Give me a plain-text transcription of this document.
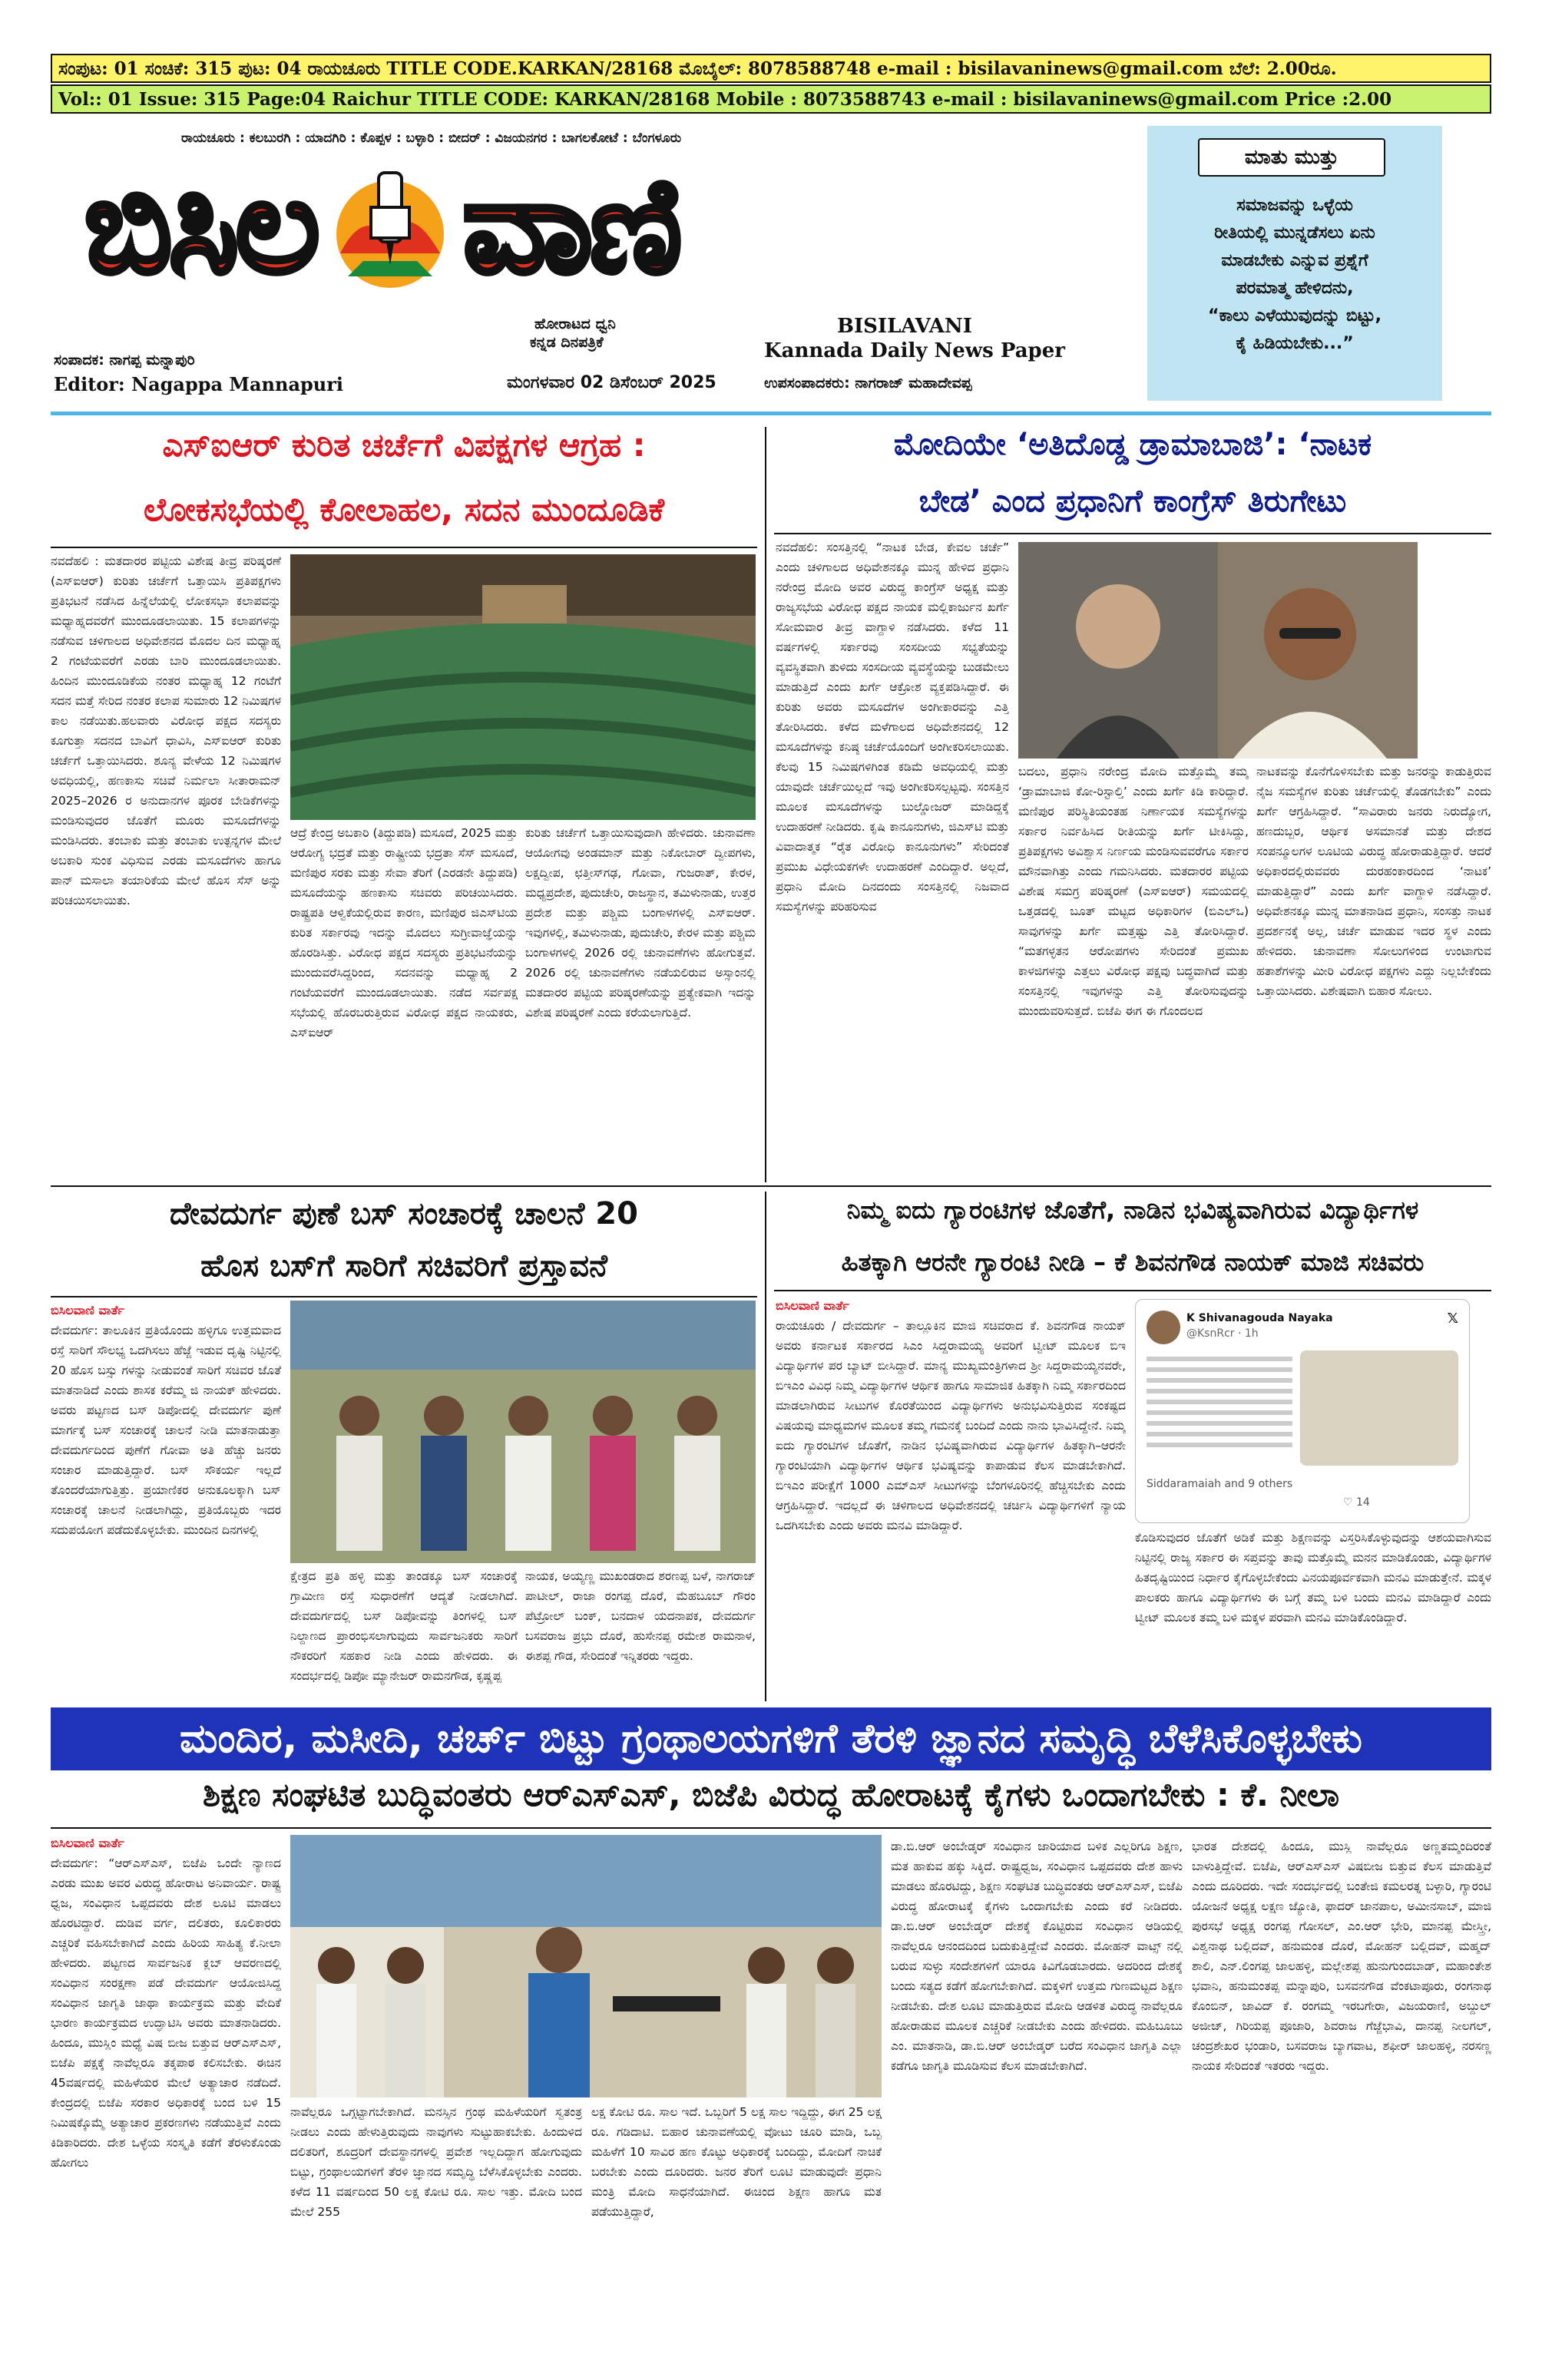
ಸಂಪುಟ: 01 ಸಂಚಿಕೆ: 315 ಪುಟ: 04 ರಾಯಚೂರು TITLE CODE.KARKAN/28168 ಮೊಬೈಲ್: 8078588748 e-mail : bisilavaninews@gmail.com ಬೆಲೆ: 2.00ರೂ.
Vol:: 01 Issue: 315 Page:04 Raichur TITLE CODE: KARKAN/28168 Mobile : 8073588743 e-mail : bisilavaninews@gmail.com Price :2.00
ರಾಯಚೂರು : ಕಲಬುರಗಿ : ಯಾದಗಿರಿ : ಕೊಪ್ಪಳ : ಬಳ್ಳಾರಿ : ಬೀದರ್ : ವಿಜಯನಗರ : ಬಾಗಲಕೋಟೆ : ಬೆಂಗಳೂರು
ಬಿಸಿಲ ವಾಣಿ
ಹೋರಾಟದ ಧ್ವನಿ
ಕನ್ನಡ ದಿನಪತ್ರಿಕೆ
BISILAVANI
Kannada Daily News Paper
ಸಂಪಾದಕ: ನಾಗಪ್ಪ ಮನ್ನಾಪುರಿ
Editor: Nagappa Mannapuri	ಮಂಗಳವಾರ 02 ಡಿಸೆಂಬರ್ 2025	ಉಪಸಂಪಾದಕರು: ನಾಗರಾಜ್ ಮಹಾದೇವಪ್ಪ
ಮಾತು ಮುತ್ತು
ಸಮಾಜವನ್ನು ಒಳ್ಳೆಯ
ರೀತಿಯಲ್ಲಿ ಮುನ್ನಡೆಸಲು ಏನು
ಮಾಡಬೇಕು ಎನ್ನುವ ಪ್ರಶ್ನೆಗೆ
ಪರಮಾತ್ಮ ಹೇಳಿದನು,
“ಕಾಲು ಎಳೆಯುವುದನ್ನು ಬಿಟ್ಟು,
ಕೈ ಹಿಡಿಯಬೇಕು...”
ಎಸ್‌ಐಆರ್ ಕುರಿತ ಚರ್ಚೆಗೆ ವಿಪಕ್ಷಗಳ ಆಗ್ರಹ :
ಲೋಕಸಭೆಯಲ್ಲಿ ಕೋಲಾಹಲ, ಸದನ ಮುಂದೂಡಿಕೆ
ನವದೆಹಲಿ : ಮತದಾರರ ಪಟ್ಟಿಯ ವಿಶೇಷ ತೀವ್ರ ಪರಿಷ್ಕರಣೆ (ಎಸ್‌ಐಆರ್) ಕುರಿತು ಚರ್ಚೆಗೆ ಒತ್ತಾಯಿಸಿ ಪ್ರತಿಪಕ್ಷಗಳು ಪ್ರತಿಭಟನೆ ನಡೆಸಿದ ಹಿನ್ನೆಲೆಯಲ್ಲಿ ಲೋಕಸಭಾ ಕಲಾಪವನ್ನು ಮಧ್ಯಾಹ್ನದವರೆಗೆ ಮುಂದೂಡಲಾಯಿತು. 15 ಕಲಾಪಗಳನ್ನು ನಡೆಸುವ ಚಳಿಗಾಲದ ಅಧಿವೇಶನದ ಮೊದಲ ದಿನ ಮಧ್ಯಾಹ್ನ 2 ಗಂಟೆಯವರೆಗೆ ಎರಡು ಬಾರಿ ಮುಂದೂಡಲಾಯಿತು. ಹಿಂದಿನ ಮುಂದೂಡಿಕೆಯ ನಂತರ ಮಧ್ಯಾಹ್ನ 12 ಗಂಟೆಗೆ ಸದನ ಮತ್ತೆ ಸೇರಿದ ನಂತರ ಕಲಾಪ ಸುಮಾರು 12 ನಿಮಿಷಗಳ ಕಾಲ ನಡೆಯಿತು.ಹಲವಾರು ವಿರೋಧ ಪಕ್ಷದ ಸದಸ್ಯರು ಕೂಗುತ್ತಾ ಸದನದ ಬಾವಿಗೆ ಧಾವಿಸಿ, ಎಸ್‌ಐಆರ್ ಕುರಿತು ಚರ್ಚೆಗೆ ಒತ್ತಾಯಿಸಿದರು. ಶೂನ್ಯ ವೇಳೆಯ 12 ನಿಮಿಷಗಳ ಅವಧಿಯಲ್ಲಿ, ಹಣಕಾಸು ಸಚಿವೆ ನಿರ್ಮಲಾ ಸೀತಾರಾಮನ್ 2025–2026 ರ ಅನುದಾನಗಳ ಪೂರಕ ಬೇಡಿಕೆಗಳನ್ನು ಮಂಡಿಸುವುದರ ಜೊತೆಗೆ ಮೂರು ಮಸೂದೆಗಳನ್ನು ಮಂಡಿಸಿದರು. ತಂಬಾಕು ಮತ್ತು ತಂಬಾಕು ಉತ್ಪನ್ನಗಳ ಮೇಲೆ ಅಬಕಾರಿ ಸುಂಕ ವಿಧಿಸುವ ಎರಡು ಮಸೂದೆಗಳು ಹಾಗೂ ಪಾನ್ ಮಸಾಲಾ ತಯಾರಿಕೆಯ ಮೇಲೆ ಹೊಸ ಸೆಸ್ ಅನ್ನು ಪರಿಚಯಿಸಲಾಯಿತು.
ಆದ್ರೆ ಕೇಂದ್ರ ಅಬಕಾರಿ (ತಿದ್ದುಪಡಿ) ಮಸೂದೆ, 2025 ಮತ್ತು ಆರೋಗ್ಯ ಭದ್ರತೆ ಮತ್ತು ರಾಷ್ಟ್ರೀಯ ಭದ್ರತಾ ಸೆಸ್ ಮಸೂದೆ, ಮಣಿಪುರ ಸರಕು ಮತ್ತು ಸೇವಾ ತೆರಿಗೆ (ಎರಡನೇ ತಿದ್ದುಪಡಿ) ಮಸೂದೆಯನ್ನು ಹಣಕಾಸು ಸಚಿವರು ಪರಿಚಯಿಸಿದರು. ರಾಷ್ಟ್ರಪತಿ ಆಳ್ವಿಕೆಯಲ್ಲಿರುವ ಕಾರಣ, ಮಣಿಪುರ ಜಿಎಸ್‌ಟಿಯ ಕುರಿತ ಸರ್ಕಾರವು ಇದನ್ನು ಮೊದಲು ಸುಗ್ರೀವಾಜ್ಞೆಯನ್ನು ಹೊರಡಿಸಿತ್ತು. ವಿರೋಧ ಪಕ್ಷದ ಸದಸ್ಯರು ಪ್ರತಿಭಟನೆಯನ್ನು ಮುಂದುವರೆಸಿದ್ದರಿಂದ, ಸದನವನ್ನು ಮಧ್ಯಾಹ್ನ 2 ಗಂಟೆಯವರೆಗೆ ಮುಂದೂಡಲಾಯಿತು. ನಡೆದ ಸರ್ವಪಕ್ಷ ಸಭೆಯಲ್ಲಿ ಹೊರಬರುತ್ತಿರುವ ವಿರೋಧ ಪಕ್ಷದ ನಾಯಕರು, ಎಸ್‌ಐಆರ್
ಕುರಿತು ಚರ್ಚೆಗೆ ಒತ್ತಾಯಿಸುವುದಾಗಿ ಹೇಳಿದರು. ಚುನಾವಣಾ ಆಯೋಗವು ಅಂಡಮಾನ್ ಮತ್ತು ನಿಕೋಬಾರ್ ದ್ವೀಪಗಳು, ಲಕ್ಷದ್ವೀಪ, ಛತ್ತೀಸ್‌ಗಢ, ಗೋವಾ, ಗುಜರಾತ್, ಕೇರಳ, ಮಧ್ಯಪ್ರದೇಶ, ಪುದುಚೇರಿ, ರಾಜಸ್ಥಾನ, ತಮಿಳುನಾಡು, ಉತ್ತರ ಪ್ರದೇಶ ಮತ್ತು ಪಶ್ಚಿಮ ಬಂಗಾಳಗಳಲ್ಲಿ ಎಸ್‌ಐಆರ್. ಇವುಗಳಲ್ಲಿ, ತಮಿಳುನಾಡು, ಪುದುಚೇರಿ, ಕೇರಳ ಮತ್ತು ಪಶ್ಚಿಮ ಬಂಗಾಳಗಳಲ್ಲಿ 2026 ರಲ್ಲಿ ಚುನಾವಣೆಗಳು ಹೋಗುತ್ತವೆ. 2026 ರಲ್ಲಿ ಚುನಾವಣೆಗಳು ನಡೆಯಲಿರುವ ಅಸ್ಸಾಂನಲ್ಲಿ ಮತದಾರರ ಪಟ್ಟಿಯ ಪರಿಷ್ಕರಣೆಯನ್ನು ಪ್ರತ್ಯೇಕವಾಗಿ ಇದನ್ನು ವಿಶೇಷ ಪರಿಷ್ಕರಣೆ ಎಂದು ಕರೆಯಲಾಗುತ್ತಿದೆ.
ಮೋದಿಯೇ ‘ಅತಿದೊಡ್ಡ ಡ್ರಾಮಾಬಾಜಿ’: ‘ನಾಟಕ
ಬೇಡ’ ಎಂದ ಪ್ರಧಾನಿಗೆ ಕಾಂಗ್ರೆಸ್ ತಿರುಗೇಟು
ನವದೆಹಲಿ: ಸಂಸತ್ತಿನಲ್ಲಿ “ನಾಟಕ ಬೇಡ, ಕೇವಲ ಚರ್ಚೆ” ಎಂದು ಚಳಿಗಾಲದ ಅಧಿವೇಶನಕ್ಕೂ ಮುನ್ನ ಹೇಳಿದ ಪ್ರಧಾನಿ ನರೇಂದ್ರ ಮೋದಿ ಅವರ ವಿರುದ್ಧ ಕಾಂಗ್ರೆಸ್ ಅಧ್ಯಕ್ಷ ಮತ್ತು ರಾಜ್ಯಸಭೆಯ ವಿರೋಧ ಪಕ್ಷದ ನಾಯಕ ಮಲ್ಲಿಕಾರ್ಜುನ ಖರ್ಗೆ ಸೋಮವಾರ ತೀವ್ರ ವಾಗ್ದಾಳಿ ನಡೆಸಿದರು. ಕಳೆದ 11 ವರ್ಷಗಳಲ್ಲಿ ಸರ್ಕಾರವು ಸಂಸದೀಯ ಸಭ್ಯತೆಯನ್ನು ವ್ಯವಸ್ಥಿತವಾಗಿ ತುಳಿದು ಸಂಸದೀಯ ವ್ಯವಸ್ಥೆಯನ್ನು ಬುಡಮೇಲು ಮಾಡುತ್ತಿದೆ ಎಂದು ಖರ್ಗೆ ಆಕ್ರೋಶ ವ್ಯಕ್ತಪಡಿಸಿದ್ದಾರೆ. ಈ ಕುರಿತು ಅವರು ಮಸೂದೆಗಳ ಅಂಗೀಕಾರವನ್ನು ಎತ್ತಿ ತೋರಿಸಿದರು. ಕಳೆದ ಮಳೆಗಾಲದ ಅಧಿವೇಶನದಲ್ಲಿ 12 ಮಸೂದೆಗಳನ್ನು ಕನಿಷ್ಠ ಚರ್ಚೆಯೊಂದಿಗೆ ಅಂಗೀಕರಿಸಲಾಯಿತು. ಕೆಲವು 15 ನಿಮಿಷಗಳಿಗಿಂತ ಕಡಿಮೆ ಅವಧಿಯಲ್ಲಿ ಮತ್ತು ಯಾವುದೇ ಚರ್ಚೆಯಿಲ್ಲದೆ ಇವು ಅಂಗೀಕರಿಸಲ್ಪಟ್ಟವು. ಸಂಸತ್ತಿನ ಮೂಲಕ ಮಸೂದೆಗಳನ್ನು ಬುಲ್ಡೋಜರ್ ಮಾಡಿದ್ದಕ್ಕೆ ಉದಾಹರಣೆ ನೀಡಿದರು. ಕೃಷಿ ಕಾನೂನುಗಳು, ಜಿಎಸ್‌ಟಿ ಮತ್ತು ವಿವಾದಾತ್ಮಕ “ರೈತ ವಿರೋಧಿ ಕಾನೂನುಗಳು” ಸೇರಿದಂತೆ ಪ್ರಮುಖ ವಿಧೇಯಕಗಳೇ ಉದಾಹರಣೆ ಎಂದಿದ್ದಾರೆ. ಅಲ್ಲದೆ, ಪ್ರಧಾನಿ ಮೋದಿ ದಿನದಂದು ಸಂಸತ್ತಿನಲ್ಲಿ ನಿಜವಾದ ಸಮಸ್ಯೆಗಳನ್ನು ಪರಿಹರಿಸುವ
ಬದಲು, ಪ್ರಧಾನಿ ನರೇಂದ್ರ ಮೋದಿ ಮತ್ತೊಮ್ಮೆ ತಮ್ಮ ‘ಡ್ರಾಮಾಬಾಜಿ ಕೋ-ರಿಸ್ಟಾಲ್ತಿ’ ಎಂದು ಖರ್ಗೆ ಕಿಡಿ ಕಾರಿದ್ದಾರೆ. ಮಣಿಪುರ ಪರಿಸ್ಥಿತಿಯಂತಹ ನಿರ್ಣಾಯಕ ಸಮಸ್ಯೆಗಳನ್ನು ಸರ್ಕಾರ ನಿರ್ವಹಿಸಿದ ರೀತಿಯನ್ನು ಖರ್ಗೆ ಟೀಕಿಸಿದ್ದು, ಪ್ರತಿಪಕ್ಷಗಳು ಅವಿಶ್ವಾಸ ನಿರ್ಣಯ ಮಂಡಿಸುವವರೆಗೂ ಸರ್ಕಾರ ಮೌನವಾಗಿತ್ತು ಎಂದು ಗಮನಿಸಿದರು. ಮತದಾರರ ಪಟ್ಟಿಯ ವಿಶೇಷ ಸಮಗ್ರ ಪರಿಷ್ಕರಣೆ (ಎಸ್‌ಐಆರ್) ಸಮಯದಲ್ಲಿ ಒತ್ತಡದಲ್ಲಿ ಬೂತ್ ಮಟ್ಟದ ಅಧಿಕಾರಿಗಳ (ಬಿಎಲ್‌ಒ) ಸಾವುಗಳನ್ನು ಖರ್ಗೆ ಮತ್ತಷ್ಟು ಎತ್ತಿ ತೋರಿಸಿದ್ದಾರೆ. “ಮತಗಳ್ಳತನ ಆರೋಪಗಳು ಸೇರಿದಂತೆ ಪ್ರಮುಖ ಕಾಳಜಿಗಳನ್ನು ಎತ್ತಲು ವಿರೋಧ ಪಕ್ಷವು ಬದ್ಧವಾಗಿದೆ ಮತ್ತು ಸಂಸತ್ತಿನಲ್ಲಿ ಇವುಗಳನ್ನು ಎತ್ತಿ ತೋರಿಸುವುದನ್ನು ಮುಂದುವರಿಸುತ್ತದೆ. ಬಿಜೆಪಿ ಈಗ ಈ ಗೊಂದಲದ
ನಾಟಕವನ್ನು ಕೊನೆಗೊಳಿಸಬೇಕು ಮತ್ತು ಜನರನ್ನು ಕಾಡುತ್ತಿರುವ ನೈಜ ಸಮಸ್ಯೆಗಳ ಕುರಿತು ಚರ್ಚೆಯಲ್ಲಿ ತೊಡಗಬೇಕು” ಎಂದು ಖರ್ಗೆ ಆಗ್ರಹಿಸಿದ್ದಾರೆ. “ಸಾವಿರಾರು ಜನರು ನಿರುದ್ಯೋಗ, ಹಣದುಬ್ಬರ, ಆರ್ಥಿಕ ಅಸಮಾನತೆ ಮತ್ತು ದೇಶದ ಸಂಪನ್ಮೂಲಗಳ ಲೂಟಿಯ ವಿರುದ್ಧ ಹೋರಾಡುತ್ತಿದ್ದಾರೆ. ಆದರೆ ಅಧಿಕಾರದಲ್ಲಿರುವವರು ದುರಹಂಕಾರದಿಂದ ‘ನಾಟಕ’ ಮಾಡುತ್ತಿದ್ದಾರೆ” ಎಂದು ಖರ್ಗೆ ವಾಗ್ದಾಳಿ ನಡೆಸಿದ್ದಾರೆ. ಅಧಿವೇಶನಕ್ಕೂ ಮುನ್ನ ಮಾತನಾಡಿದ ಪ್ರಧಾನಿ, ಸಂಸತ್ತು ನಾಟಕ ಪ್ರದರ್ಶನಕ್ಕೆ ಅಲ್ಲ, ಚರ್ಚೆ ಮಾಡುವ ಇದರ ಸ್ಥಳ ಎಂದು ಹೇಳಿದರು. ಚುನಾವಣಾ ಸೋಲುಗಳಿಂದ ಉಂಟಾಗುವ ಹತಾಶೆಗಳನ್ನು ಮೀರಿ ವಿರೋಧ ಪಕ್ಷಗಳು ಎದ್ದು ನಿಲ್ಲಬೇಕೆಂದು ಒತ್ತಾಯಿಸಿದರು. ವಿಶೇಷವಾಗಿ ಬಿಹಾರ ಸೋಲು.
ದೇವದುರ್ಗ ಪುಣೆ ಬಸ್ ಸಂಚಾರಕ್ಕೆ ಚಾಲನೆ 20
ಹೊಸ ಬಸ್‌ಗೆ ಸಾರಿಗೆ ಸಚಿವರಿಗೆ ಪ್ರಸ್ತಾವನೆ
ಬಿಸಿಲವಾಣಿ ವಾರ್ತೆ
ದೇವದುರ್ಗ: ತಾಲೂಕಿನ ಪ್ರತಿಯೊಂದು ಹಳ್ಳಿಗೂ ಉತ್ತಮವಾದ ರಸ್ತೆ ಸಾರಿಗೆ ಸೌಲಭ್ಯ ಒದಗಿಸಲು ಹೆಜ್ಜೆ ಇಡುವ ದೃಷ್ಟಿ ನಿಟ್ಟಿನಲ್ಲಿ 20 ಹೊಸ ಬಸ್ಸು ಗಳನ್ನು ನೀಡುವಂತೆ ಸಾರಿಗೆ ಸಚಿವರ ಜೊತೆ ಮಾತನಾಡಿದೆ ಎಂದು ಶಾಸಕ ಕರೆಮ್ಮ ಜಿ ನಾಯಕ್ ಹೇಳಿದರು. ಅವರು ಪಟ್ಟಣದ ಬಸ್ ಡಿಪೋದಲ್ಲಿ ದೇವದುರ್ಗ ಪುಣೆ ಮಾರ್ಗಕ್ಕೆ ಬಸ್ ಸಂಚಾರಕ್ಕೆ ಚಾಲನೆ ನೀಡಿ ಮಾತನಾಡುತ್ತಾ ದೇವದುರ್ಗದಿಂದ ಪುಣೆಗೆ ಗೋವಾ ಅತಿ ಹೆಚ್ಚು ಜನರು ಸಂಚಾರ ಮಾಡುತ್ತಿದ್ದಾರೆ. ಬಸ್ ಸೌಕರ್ಯ ಇಲ್ಲದೆ ತೊಂದರೆಯಾಗುತ್ತಿತ್ತು. ಪ್ರಯಾಣಿಕರ ಅನುಕೂಲಕ್ಕಾಗಿ ಬಸ್ ಸಂಚಾರಕ್ಕೆ ಚಾಲನೆ ನೀಡಲಾಗಿದ್ದು, ಪ್ರತಿಯೊಬ್ಬರು ಇದರ ಸದುಪಯೋಗ ಪಡೆದುಕೊಳ್ಳಬೇಕು. ಮುಂದಿನ ದಿನಗಳಲ್ಲಿ
ಕ್ಷೇತ್ರದ ಪ್ರತಿ ಹಳ್ಳಿ ಮತ್ತು ತಾಂಡಕ್ಕೂ ಬಸ್ ಸಂಚಾರಕ್ಕೆ ಗ್ರಾಮೀಣ ರಸ್ತೆ ಸುಧಾರಣೆಗೆ ಆದ್ಯತೆ ನೀಡಲಾಗಿದೆ. ದೇವದುರ್ಗದಲ್ಲಿ ಬಸ್ ಡಿಪೋವನ್ನು ತಿಂಗಳಲ್ಲಿ ಬಸ್ ನಿಲ್ದಾಣದ ಪ್ರಾರಂಭಿಸಲಾಗುವುದು ಸಾರ್ವಜನಿಕರು ಸಾರಿಗೆ ನೌಕರರಿಗೆ ಸಹಕಾರ ನೀಡಿ ಎಂದು ಹೇಳಿದರು. ಈ ಸಂದರ್ಭದಲ್ಲಿ ಡಿಪೋ ಮ್ಯಾನೇಜರ್ ರಾಮನಗೌಡ, ಕೃಷ್ಣಪ್ಪ
ನಾಯಕ, ಅಯ್ಯಣ್ಣ ಮುಖಂಡರಾದ ಶರಣಪ್ಪ ಬಳೆ, ನಾಗರಾಜ್ ಪಾಟೀಲ್, ರಾಜಾ ರಂಗಪ್ಪ ದೊರೆ, ಮೆಹಬೂಬ್ ಗೌರಂ ಪೆಟ್ರೋಲ್ ಬಂಕ್, ಬನದಾಳ ಯದನಾಪಕ, ದೇವದುರ್ಗ ಬಸವರಾಜ ಪ್ರಭು ದೊರೆ, ಹುಸೇನಪ್ಪ ರಮೇಶ ರಾಮನಾಳ, ಈಶಪ್ಪ ಗೌಡ, ಸೇರಿದಂತೆ ಇನ್ನಿತರರು ಇದ್ದರು.
ನಿಮ್ಮ ಐದು ಗ್ಯಾರಂಟಿಗಳ ಜೊತೆಗೆ, ನಾಡಿನ ಭವಿಷ್ಯವಾಗಿರುವ ವಿದ್ಯಾರ್ಥಿಗಳ
ಹಿತಕ್ಕಾಗಿ ಆರನೇ ಗ್ಯಾರಂಟಿ ನೀಡಿ – ಕೆ ಶಿವನಗೌಡ ನಾಯಕ್ ಮಾಜಿ ಸಚಿವರು
ಬಿಸಿಲವಾಣಿ ವಾರ್ತೆ
ರಾಯಚೂರು / ದೇವದುರ್ಗ – ತಾಲ್ಲೂಕಿನ ಮಾಜಿ ಸಚಿವರಾದ ಕೆ. ಶಿವನಗೌಡ ನಾಯಕ್ ಅವರು ಕರ್ನಾಟಕ ಸರ್ಕಾರದ ಸಿಎಂ ಸಿದ್ದರಾಮಯ್ಯ ಅವರಿಗೆ ಟ್ವೀಟ್ ಮೂಲಕ ಬಿಇ ವಿದ್ಯಾರ್ಥಿಗಳ ಪರ ಬ್ಯಾಟ್ ಬೀಸಿದ್ದಾರೆ. ಮಾನ್ಯ ಮುಖ್ಯಮಂತ್ರಿಗಳಾದ ಶ್ರೀ ಸಿದ್ದರಾಮಯ್ಯನವರೇ, ಬಿಇಎಂ ವಿವಿಧ ನಿಮ್ಮ ವಿದ್ಯಾರ್ಥಿಗಳ ಆರ್ಥಿಕ ಹಾಗೂ ಸಾಮಾಜಿಕ ಹಿತಕ್ಕಾಗಿ ನಿಮ್ಮ ಸರ್ಕಾರದಿಂದ ಮಾಡಲಾಗಿರುವ ಸೀಟುಗಳ ಕೊರತೆಯಿಂದ ವಿದ್ಯಾರ್ಥಿಗಳು ಅನುಭವಿಸುತ್ತಿರುವ ಸಂಕಷ್ಟದ ವಿಷಯವು ಮಾಧ್ಯಮಗಳ ಮೂಲಕ ತಮ್ಮ ಗಮನಕ್ಕೆ ಬಂದಿದೆ ಎಂದು ನಾನು ಭಾವಿಸಿದ್ದೇನೆ. ನಿಮ್ಮ ಐದು ಗ್ಯಾರಂಟಿಗಳ ಜೊತೆಗೆ, ನಾಡಿನ ಭವಿಷ್ಯವಾಗಿರುವ ವಿದ್ಯಾರ್ಥಿಗಳ ಹಿತಕ್ಕಾಗಿ–ಆರನೇ ಗ್ಯಾರಂಟಿಯಾಗಿ ವಿದ್ಯಾರ್ಥಿಗಳ ಆರ್ಥಿಕ ಭವಿಷ್ಯವನ್ನು ಕಾಪಾಡುವ ಕೆಲಸ ಮಾಡಬೇಕಾಗಿದೆ. ಬಿಇಎಂ ಪರೀಕ್ಷೆಗೆ 1000 ಎಮ್‌ಎಸ್ ಸೀಟುಗಳನ್ನು ಬೆಂಗಳೂರಿನಲ್ಲಿ ಹೆಚ್ಚಿಸಬೇಕು ಎಂದು ಆಗ್ರಹಿಸಿದ್ದಾರೆ. ಇದಲ್ಲದೆ ಈ ಚಳಿಗಾಲದ ಅಧಿವೇಶನದಲ್ಲಿ ಚರ್ಚಿಸಿ ವಿದ್ಯಾರ್ಥಿಗಳಿಗೆ ನ್ಯಾಯ ಒದಗಿಸಬೇಕು ಎಂದು ಅವರು ಮನವಿ ಮಾಡಿದ್ದಾರೆ.
K Shivanagouda Nayaka
@KsnRcr · 1h
𝕏
Siddaramaiah and 9 others
♡ 14
ಕೊಡಿಸುವುದರ ಜೊತೆಗೆ ಅಡಿಕೆ ಮತ್ತು ಶಿಕ್ಷಣವನ್ನು ವಿಸ್ತರಿಸಿಕೊಳ್ಳುವುದನ್ನು ಆಶಯವಾಗಿಸುವ ನಿಟ್ಟಿನಲ್ಲಿ ರಾಜ್ಯ ಸರ್ಕಾರ ಈ ಸಪ್ತವನ್ನು ತಾವು ಮತ್ತೊಮ್ಮೆ ಮನನ ಮಾಡಿಕೊಂಡು, ವಿದ್ಯಾರ್ಥಿಗಳ ಹಿತದೃಷ್ಟಿಯಿಂದ ನಿರ್ಧಾರ ಕೈಗೊಳ್ಳಬೇಕೆಂದು ವಿನಯಪೂರ್ವಕವಾಗಿ ಮನವಿ ಮಾಡುತ್ತೇನೆ. ಮಕ್ಕಳ ಪಾಲಕರು ಹಾಗೂ ವಿದ್ಯಾರ್ಥಿಗಳು ಈ ಬಗ್ಗೆ ತಮ್ಮ ಬಳಿ ಬಂದು ಮನವಿ ಮಾಡಿದ್ದಾರೆ ಎಂದು ಟ್ವೀಟ್ ಮೂಲಕ ತಮ್ಮ ಬಳಿ ಮಕ್ಕಳ ಪರವಾಗಿ ಮನವಿ ಮಾಡಿಕೊಂಡಿದ್ದಾರೆ.
ಮಂದಿರ, ಮಸೀದಿ, ಚರ್ಚ್ ಬಿಟ್ಟು ಗ್ರಂಥಾಲಯಗಳಿಗೆ ತೆರಳಿ ಜ್ಞಾನದ ಸಮೃದ್ಧಿ ಬೆಳೆಸಿಕೊಳ್ಳಬೇಕು
ಶಿಕ್ಷಣ ಸಂಘಟಿತ ಬುದ್ಧಿವಂತರು ಆರ್‌ಎಸ್‌ಎಸ್, ಬಿಜೆಪಿ ವಿರುದ್ಧ ಹೋರಾಟಕ್ಕೆ ಕೈಗಳು ಒಂದಾಗಬೇಕು : ಕೆ. ನೀಲಾ
ಬಿಸಿಲವಾಣಿ ವಾರ್ತೆ
ದೇವದುರ್ಗ: “ಆರ್‌ಎಸ್‌ಎಸ್, ಬಿಜೆಪಿ ಒಂದೇ ನ್ಯಾಣದ ಎರಡು ಮುಖ ಅವರ ವಿರುದ್ಧ ಹೋರಾಟ ಅನಿವಾರ್ಯ. ರಾಷ್ಟ್ರ ಧ್ವಜ, ಸಂವಿಧಾನ ಒಪ್ಪದವರು ದೇಶ ಲೂಟಿ ಮಾಡಲು ಹೊರಟಿದ್ದಾರೆ. ದುಡಿವ ವರ್ಗ, ದಲಿತರು, ಕೂಲಿಕಾರರು ಎಚ್ಚರಿಕೆ ವಹಿಸಬೇಕಾಗಿದೆ ಎಂದು ಹಿರಿಯ ಸಾಹಿತ್ಯ ಕೆ.ನೀಲಾ ಹೇಳಿದರು. ಪಟ್ಟಣದ ಸಾರ್ವಜನಿಕ ಕ್ಲಬ್ ಆವರಣದಲ್ಲಿ ಸಂವಿಧಾನ ಸಂರಕ್ಷಣಾ ಪಡೆ ದೇವದುರ್ಗ ಆಯೋಜಿಸಿದ್ದ ಸಂವಿಧಾನ ಜಾಗೃತಿ ಜಾಥಾ ಕಾರ್ಯಕ್ರಮ ಮತ್ತು ವೇದಿಕೆ ಭಾರಣ ಕಾರ್ಯಕ್ರಮದ ಉದ್ಘಾಟಿಸಿ ಅವರು ಮಾತನಾಡಿದರು. ಹಿಂದೂ, ಮುಸ್ಲಿಂ ಮಧ್ಯೆ ವಿಷ ಬೀಜ ಬಿತ್ತುವ ಆರ್‌ಎಸ್‌ಎಸ್, ಬಿಜೆಪಿ ಪಕ್ಷಕ್ಕೆ ನಾವೆಲ್ಲರೂ ತಕ್ಕಪಾಠ ಕಲಿಸಬೇಕು. ಈಚಿನ 45ವರ್ಷದಲ್ಲಿ ಮಹಿಳೆಯರ ಮೇಲೆ ಅತ್ಯಾಚಾರ ನಡೆದಿದೆ. ಕೇಂದ್ರದಲ್ಲಿ ಬಿಜೆಪಿ ಸರಕಾರ ಅಧಿಕಾರಕ್ಕೆ ಬಂದ ಬಳಿ 15 ನಿಮಿಷಕ್ಕೊಮ್ಮೆ ಅತ್ಯಾಚಾರ ಪ್ರಕರಣಗಳು ನಡೆಯುತ್ತಿವೆ ಎಂದು ಕಿಡಿಕಾರಿದರು. ದೇಶ ಒಳ್ಳೆಯ ಸಂಸ್ಕೃತಿ ಕಡೆಗೆ ತೆರಳುಕೊಂಡು ಹೋಗಲು
ನಾವೆಲ್ಲರೂ ಒಗ್ಗಟ್ಟಾಗಬೇಕಾಗಿದೆ. ಮನಸ್ಸಿನ ಗ್ರಂಥ ಮಹಿಳೆಯರಿಗೆ ಸ್ವತಂತ್ರ ನೀಡಲು ಎಂದು ಹೇಳುತ್ತಿರುವುದು ನಾವುಗಳು ಸುಟ್ಟುಹಾಕಬೇಕು. ಹಿಂದುಳಿದ ದಲಿತರಿಗೆ, ಶೂದ್ರರಿಗೆ ದೇವಸ್ಥಾನಗಳಲ್ಲಿ ಪ್ರವೇಶ ಇಲ್ಲದಿದ್ದಾಗ ಹೋಗುವುದು ಬಿಟ್ಟು, ಗ್ರಂಥಾಲಯಗಳಿಗೆ ತೆರಳಿ ಜ್ಞಾನದ ಸಮೃದ್ಧಿ ಬೆಳೆಸಿಕೊಳ್ಳಬೇಕು ಎಂದರು. ಕಳೆದ 11 ವರ್ಷದಿಂದ 50 ಲಕ್ಷ ಕೋಟಿ ರೂ. ಸಾಲ ಇತ್ತು. ಮೋದಿ ಬಂದ ಮೇಲೆ 255
ಲಕ್ಷ ಕೋಟಿ ರೂ. ಸಾಲ ಇದೆ. ಒಬ್ಬರಿಗೆ 5 ಲಕ್ಷ ಸಾಲ ಇದ್ದಿದ್ದು, ಈಗ 25 ಲಕ್ಷ ರೂ. ಗಡಿದಾಟಿ. ಬಿಹಾರ ಚುನಾವಣೆಯಲ್ಲಿ ವೋಟು ಚೂರಿ ಮಾಡಿ, ಒಬ್ಬ ಮಹಿಳೆಗೆ 10 ಸಾವಿರ ಹಣ ಕೊಟ್ಟು ಅಧಿಕಾರಕ್ಕೆ ಬಂದಿದ್ದು, ಮೋದಿಗೆ ನಾಚಿಕೆ ಬರಬೇಕು ಎಂದು ದೂರಿದರು. ಜನರ ತೆರಿಗೆ ಲೂಟಿ ಮಾಡುವುದೇ ಪ್ರಧಾನಿ ಮಂತ್ರಿ ಮೋದಿ ಸಾಧನೆಯಾಗಿದೆ. ಈಚಿಂದ ಶಿಕ್ಷಣ ಹಾಗೂ ಮತ ಪಡೆಯುತ್ತಿದ್ದಾರೆ,
ಡಾ.ಬಿ.ಆರ್ ಅಂಬೇಡ್ಕರ್ ಸಂವಿಧಾನ ಜಾರಿಯಾದ ಬಳಿಕ ಎಲ್ಲರಿಗೂ ಶಿಕ್ಷಣ, ಮತ ಹಾಕುವ ಹಕ್ಕು ಸಿಕ್ಕಿದೆ. ರಾಷ್ಟ್ರಧ್ವಜ, ಸಂವಿಧಾನ ಒಪ್ಪದವರು ದೇಶ ಹಾಳು ಮಾಡಲು ಹೊರಟಿದ್ದು, ಶಿಕ್ಷಣ ಸಂಘಟಿತ ಬುದ್ಧಿವಂತರು ಆರ್‌ಎಸ್‌ಎಸ್, ಬಿಜೆಪಿ ವಿರುದ್ಧ ಹೋರಾಟಕ್ಕೆ ಕೈಗಳು ಒಂದಾಗಬೇಕು ಎಂದು ಕರೆ ನೀಡಿದರು. ಡಾ.ಬಿ.ಆರ್ ಅಂಬೇಡ್ಕರ್ ದೇಶಕ್ಕೆ ಕೊಟ್ಟಿರುವ ಸಂವಿಧಾನ ಆಡಿಯಲ್ಲಿ ನಾವೆಲ್ಲರೂ ಆನಂದದಿಂದ ಬದುಕುತ್ತಿದ್ದೇವೆ ಎಂದರು. ಮೋಹನ್ ವಾಟ್ಸ್ ನಲ್ಲಿ ಬರುವ ಸುಳ್ಳು ಸಂದೇಶಗಳಿಗೆ ಯಾರೂ ಕಿವಿಗೊಡಬಾರದು. ಅದರಿಂದ ದೇಶಕ್ಕೆ ಬಂದು ಸತ್ಯದ ಕಡೆಗೆ ಹೋಗಬೇಕಾಗಿದೆ. ಮಕ್ಕಳಿಗೆ ಉತ್ತಮ ಗುಣಮಟ್ಟದ ಶಿಕ್ಷಣ ನೀಡಬೇಕು. ದೇಶ ಲೂಟಿ ಮಾಡುತ್ತಿರುವ ಮೋದಿ ಆಡಳಿತ ವಿರುದ್ಧ ನಾವೆಲ್ಲರೂ ಹೋರಾಡುವ ಮೂಲಕ ಎಚ್ಚರಿಕೆ ನೀಡಬೇಕು ಎಂದು ಹೇಳಿದರು. ಮಹಿಬೂಬು ಎಂ. ಮಾತನಾಡಿ, ಡಾ.ಬಿ.ಆರ್ ಅಂಬೇಡ್ಕರ್ ಬರೆದ ಸಂವಿಧಾನ ಜಾಗೃತಿ ಎಲ್ಲಾ ಕಡೆಗೂ ಜಾಗೃತಿ ಮೂಡಿಸುವ ಕೆಲಸ ಮಾಡಬೇಕಾಗಿದೆ.
ಭಾರತ ದೇಶದಲ್ಲಿ ಹಿಂದೂ, ಮುಸ್ಲಿ ನಾವೆಲ್ಲರೂ ಅಣ್ಣತಮ್ಮಂದಿರಂತೆ ಬಾಳುತ್ತಿದ್ದೇವೆ. ಬಿಜೆಪಿ, ಆರ್‌ಎಸ್‌ಎಸ್ ವಿಷಬೀಜ ಬಿತ್ತುವ ಕೆಲಸ ಮಾಡುತ್ತಿವೆ ಎಂದು ದೂರಿದರು. ಇದೇ ಸಂದರ್ಭದಲ್ಲಿ ಬಂತೇಜಿ ಕಮಲರತ್ನ ಬಳ್ಳಾರಿ, ಗ್ಯಾರಂಟಿ ಯೋಜನೆ ಅಧ್ಯಕ್ಷ ಲಕ್ಷಣ ಜ್ಯೋತಿ, ಫಾದರ್ ಜಾನಪಾಲ, ಅಮೀನಸಾಬ್, ಮಾಜಿ ಪುರಸಭೆ ಅಧ್ಯಕ್ಷ ರಂಗಪ್ಪ ಗೋಸಲ್, ಎಂ.ಆರ್ ಭೇರಿ, ಮಾನಪ್ಪ ಮೇಸ್ತ್ರೀ, ವಿಶ್ವನಾಥ ಬಲ್ಲಿದವ್, ಹನುಮಂತ ದೊರೆ, ಮೋಹನ್ ಬಲ್ಲಿದವ್, ಮಹ್ಮದ್ ಶಾಲಿ, ಎನ್.ಲಿಂಗಪ್ಪ ಜಾಲಹಳ್ಳಿ, ಮಲ್ಲೇಶಪ್ಪ ಹುನುಗುಂದಬಾಡ್, ಮಹಾಂತೇಶ ಭವಾನಿ, ಹನುಮಂತಪ್ಪ ಮನ್ನಾಪುರಿ, ಬಸವನಗೌಡ ವೆಂಕಟಾಪೂರು, ರಂಗನಾಥ ಕೊಂಬಿನ್, ಜಾವಿದ್ ಕೆ. ರಂಗಮ್ಮ ಇರಬಗೇರಾ, ವಿಜಯರಾಣಿ, ಅಬ್ದುಲ್ ಅಜೀಜ್, ಗಿರಿಯಪ್ಪ ಪೂಜಾರಿ, ಶಿವರಾಜ ಗೆಜ್ಜೆಭಾವಿ, ದಾನಪ್ಪ ನೀಲಗಲ್, ಚಂದ್ರಶೇಖರ ಭಂಡಾರಿ, ಬಸವರಾಜ ಬ್ಯಾಗವಾಟ, ಶಫೀರ್ ಜಾಲಹಳ್ಳಿ, ನರಸಣ್ಣ ನಾಯಕ ಸೇರಿದಂತೆ ಇತರರು ಇದ್ದರು.
